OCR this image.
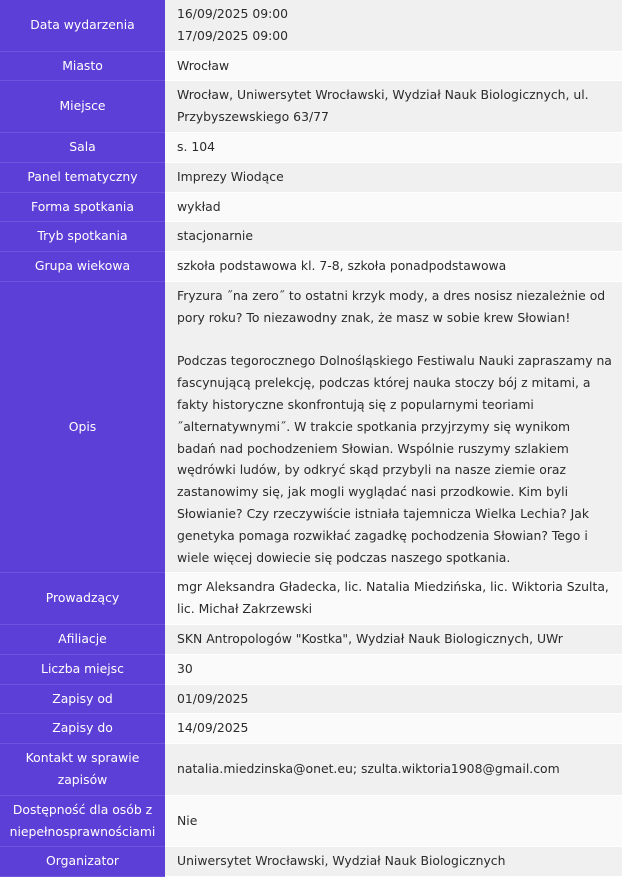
Data wydarzenia	16/09/2025 09:00
17/09/2025 09:00

Miasto	Wrocław
Miejsce	Wrocław, Uniwersytet Wrocławski, Wydział Nauk Biologicznych, ul. Przybyszewskiego 63/77
Sala	s. 104
Panel tematyczny	Imprezy Wiodące
Forma spotkania	wykład
Tryb spotkania	stacjonarnie
Grupa wiekowa	szkoła podstawowa kl. 7-8, szkoła ponadpodstawowa
Opis	Fryzura ˝na zero˝ to ostatni krzyk mody, a dres nosisz niezależnie od pory roku? To niezawodny znak, że masz w sobie krew Słowian!
Podczas tegorocznego Dolnośląskiego Festiwalu Nauki zapraszamy na fascynującą prelekcję, podczas której nauka stoczy bój z mitami, a fakty historyczne skonfrontują się z popularnymi teoriami ˝alternatywnymi˝. W trakcie spotkania przyjrzymy się wynikom badań nad pochodzeniem Słowian. Wspólnie ruszymy szlakiem wędrówki ludów, by odkryć skąd przybyli na nasze ziemie oraz zastanowimy się, jak mogli wyglądać nasi przodkowie. Kim byli Słowianie? Czy rzeczywiście istniała tajemnicza Wielka Lechia? Jak genetyka pomaga rozwikłać zagadkę pochodzenia Słowian? Tego i wiele więcej dowiecie się podczas naszego spotkania.

Prowadzący	mgr Aleksandra Gładecka, lic. Natalia Miedzińska, lic. Wiktoria Szulta, lic. Michał Zakrzewski
Afiliacje	SKN Antropologów "Kostka", Wydział Nauk Biologicznych, UWr
Liczba miejsc	30
Zapisy od	01/09/2025
Zapisy do	14/09/2025
Kontakt w sprawie zapisów	natalia.miedzinska@onet.eu; szulta.wiktoria1908@gmail.com
Dostępność dla osób z niepełnosprawnościami	Nie
Organizator	Uniwersytet Wrocławski, Wydział Nauk Biologicznych
